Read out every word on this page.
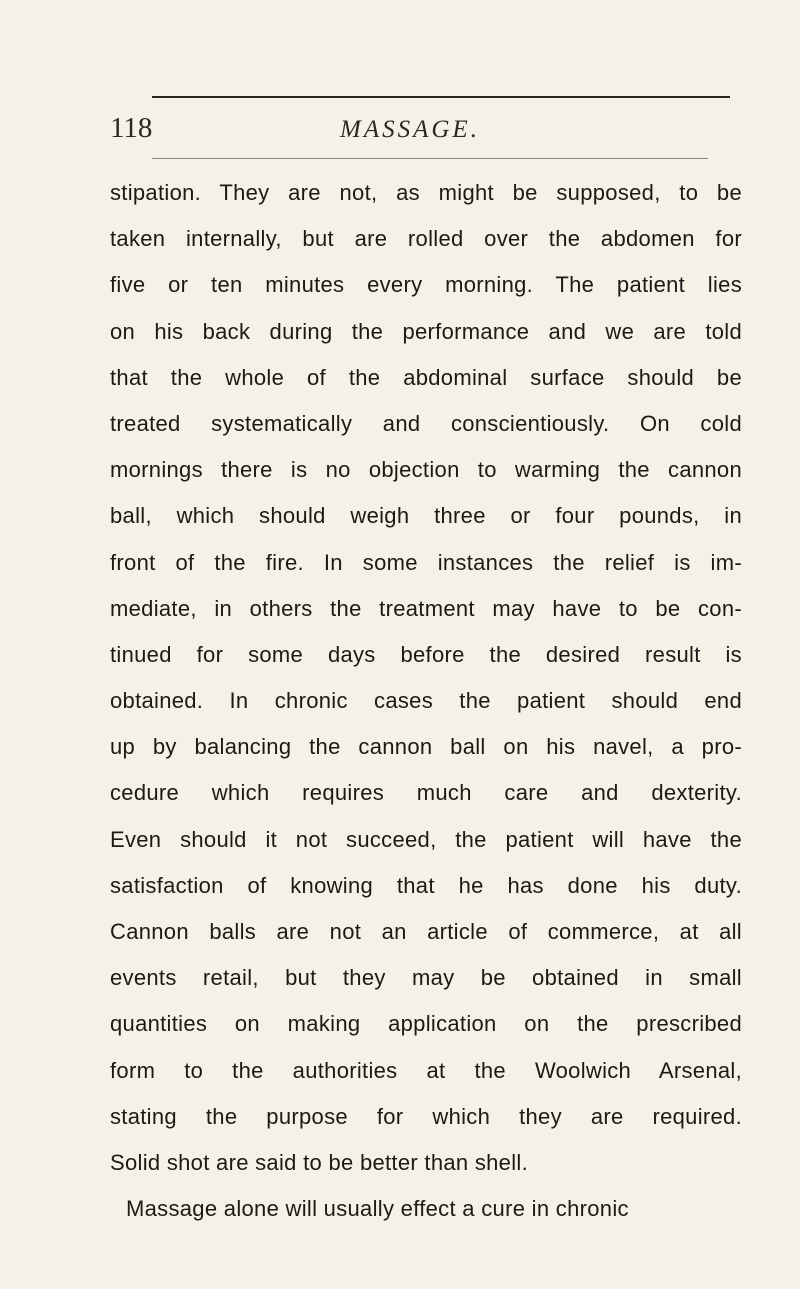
118	MASSAGE.
stipation. They are not, as might be supposed, to be
taken internally, but are rolled over the abdomen for
five or ten minutes every morning. The patient lies
on his back during the performance and we are told
that the whole of the abdominal surface should be
treated systematically and conscientiously. On cold
mornings there is no objection to warming the cannon
ball, which should weigh three or four pounds, in
front of the fire. In some instances the relief is im-
mediate, in others the treatment may have to be con-
tinued for some days before the desired result is
obtained. In chronic cases the patient should end
up by balancing the cannon ball on his navel, a pro-
cedure which requires much care and dexterity.
Even should it not succeed, the patient will have the
satisfaction of knowing that he has done his duty.
Cannon balls are not an article of commerce, at all
events retail, but they may be obtained in small
quantities on making application on the prescribed
form to the authorities at the Woolwich Arsenal,
stating the purpose for which they are required.
Solid shot are said to be better than shell.
Massage alone will usually effect a cure in chronic
